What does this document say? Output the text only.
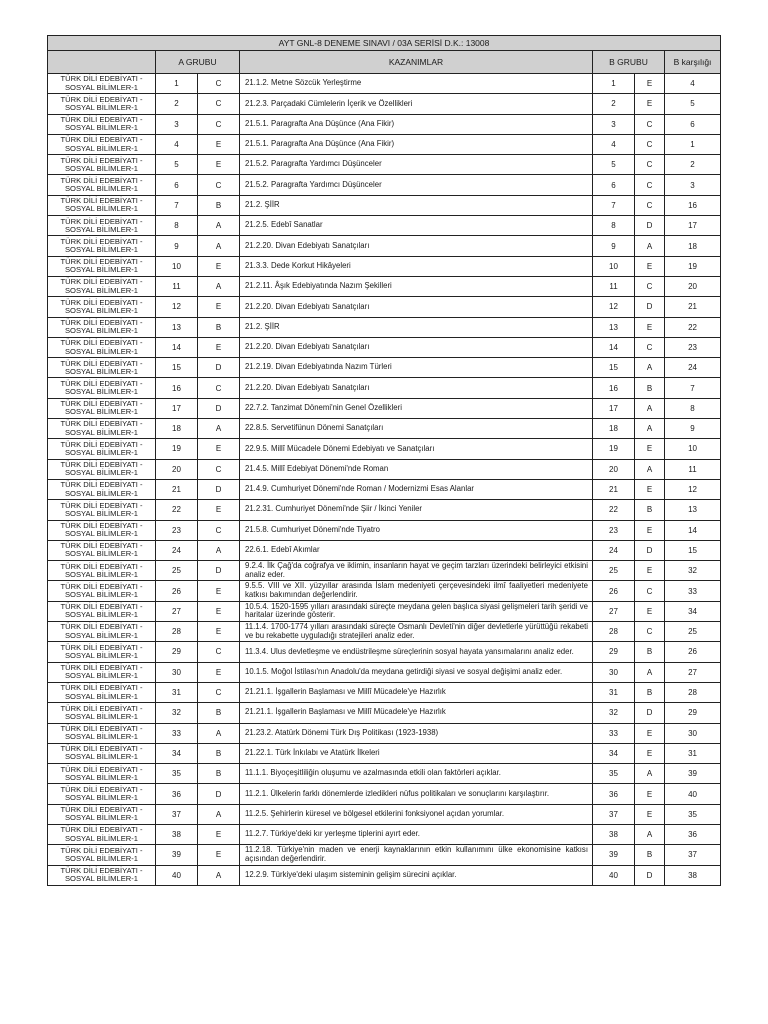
AYT GNL-8 DENEME SINAVI / 03A SERİSİ D.K.: 13008						
	A GRUBU		KAZANIMLAR	B GRUBU		B karşılığı
TÜRK DİLİ EDEBİYATI - SOSYAL BİLİMLER-1	1	C	21.1.2. Metne Sözcük Yerleştirme	1	E	4
TÜRK DİLİ EDEBİYATI - SOSYAL BİLİMLER-1	2	C	21.2.3. Parçadaki Cümlelerin İçerik ve Özellikleri	2	E	5
TÜRK DİLİ EDEBİYATI - SOSYAL BİLİMLER-1	3	C	21.5.1. Paragrafta Ana Düşünce (Ana Fikir)	3	C	6
TÜRK DİLİ EDEBİYATI - SOSYAL BİLİMLER-1	4	E	21.5.1. Paragrafta Ana Düşünce (Ana Fikir)	4	C	1
TÜRK DİLİ EDEBİYATI - SOSYAL BİLİMLER-1	5	E	21.5.2. Paragrafta Yardımcı Düşünceler	5	C	2
TÜRK DİLİ EDEBİYATI - SOSYAL BİLİMLER-1	6	C	21.5.2. Paragrafta Yardımcı Düşünceler	6	C	3
TÜRK DİLİ EDEBİYATI - SOSYAL BİLİMLER-1	7	B	21.2. ŞİİR	7	C	16
TÜRK DİLİ EDEBİYATI - SOSYAL BİLİMLER-1	8	A	21.2.5. Edebî Sanatlar	8	D	17
TÜRK DİLİ EDEBİYATI - SOSYAL BİLİMLER-1	9	A	21.2.20. Divan Edebiyatı Sanatçıları	9	A	18
TÜRK DİLİ EDEBİYATI - SOSYAL BİLİMLER-1	10	E	21.3.3. Dede Korkut Hikâyeleri	10	E	19
TÜRK DİLİ EDEBİYATI - SOSYAL BİLİMLER-1	11	A	21.2.11. Âşık Edebiyatında Nazım Şekilleri	11	C	20
TÜRK DİLİ EDEBİYATI - SOSYAL BİLİMLER-1	12	E	21.2.20. Divan Edebiyatı Sanatçıları	12	D	21
TÜRK DİLİ EDEBİYATI - SOSYAL BİLİMLER-1	13	B	21.2. ŞİİR	13	E	22
TÜRK DİLİ EDEBİYATI - SOSYAL BİLİMLER-1	14	E	21.2.20. Divan Edebiyatı Sanatçıları	14	C	23
TÜRK DİLİ EDEBİYATI - SOSYAL BİLİMLER-1	15	D	21.2.19. Divan Edebiyatında Nazım Türleri	15	A	24
TÜRK DİLİ EDEBİYATI - SOSYAL BİLİMLER-1	16	C	21.2.20. Divan Edebiyatı Sanatçıları	16	B	7
TÜRK DİLİ EDEBİYATI - SOSYAL BİLİMLER-1	17	D	22.7.2. Tanzimat Dönemi'nin Genel Özellikleri	17	A	8
TÜRK DİLİ EDEBİYATI - SOSYAL BİLİMLER-1	18	A	22.8.5. Servetifünun Dönemi Sanatçıları	18	A	9
TÜRK DİLİ EDEBİYATI - SOSYAL BİLİMLER-1	19	E	22.9.5. Millî Mücadele Dönemi Edebiyatı ve Sanatçıları	19	E	10
TÜRK DİLİ EDEBİYATI - SOSYAL BİLİMLER-1	20	C	21.4.5. Millî Edebiyat Dönemi'nde Roman	20	A	11
TÜRK DİLİ EDEBİYATI - SOSYAL BİLİMLER-1	21	D	21.4.9. Cumhuriyet Dönemi'nde Roman / Modernizmi Esas Alanlar	21	E	12
TÜRK DİLİ EDEBİYATI - SOSYAL BİLİMLER-1	22	E	21.2.31. Cumhuriyet Dönemi'nde Şiir / İkinci Yeniler	22	B	13
TÜRK DİLİ EDEBİYATI - SOSYAL BİLİMLER-1	23	C	21.5.8. Cumhuriyet Dönemi'nde Tiyatro	23	E	14
TÜRK DİLİ EDEBİYATI - SOSYAL BİLİMLER-1	24	A	22.6.1. Edebî Akımlar	24	D	15
TÜRK DİLİ EDEBİYATI - SOSYAL BİLİMLER-1	25	D	9.2.4. İlk Çağ'da coğrafya ve iklimin, insanların hayat ve geçim tarzları üzerindeki belirleyici etkisini analiz eder.	25	E	32
TÜRK DİLİ EDEBİYATI - SOSYAL BİLİMLER-1	26	E	9.5.5. VIII ve XII. yüzyıllar arasında İslam medeniyeti çerçevesindeki ilmî faaliyetleri medeniyete katkısı bakımından değerlendirir.	26	C	33
TÜRK DİLİ EDEBİYATI - SOSYAL BİLİMLER-1	27	E	10.5.4. 1520-1595 yılları arasındaki süreçte meydana gelen başlıca siyasi gelişmeleri tarih şeridi ve haritalar üzerinde gösterir.	27	E	34
TÜRK DİLİ EDEBİYATI - SOSYAL BİLİMLER-1	28	E	11.1.4. 1700-1774 yılları arasındaki süreçte Osmanlı Devleti'nin diğer devletlerle yürüttüğü rekabeti ve bu rekabette uyguladığı stratejileri analiz eder.	28	C	25
TÜRK DİLİ EDEBİYATI - SOSYAL BİLİMLER-1	29	C	11.3.4. Ulus devletleşme ve endüstrileşme süreçlerinin sosyal hayata yansımalarını analiz eder.	29	B	26
TÜRK DİLİ EDEBİYATI - SOSYAL BİLİMLER-1	30	E	10.1.5. Moğol İstilası'nın Anadolu'da meydana getirdiği siyasi ve sosyal değişimi analiz eder.	30	A	27
TÜRK DİLİ EDEBİYATI - SOSYAL BİLİMLER-1	31	C	21.21.1. İşgallerin Başlaması ve Millî Mücadele'ye Hazırlık	31	B	28
TÜRK DİLİ EDEBİYATI - SOSYAL BİLİMLER-1	32	B	21.21.1. İşgallerin Başlaması ve Millî Mücadele'ye Hazırlık	32	D	29
TÜRK DİLİ EDEBİYATI - SOSYAL BİLİMLER-1	33	A	21.23.2. Atatürk Dönemi Türk Dış Politikası (1923-1938)	33	E	30
TÜRK DİLİ EDEBİYATI - SOSYAL BİLİMLER-1	34	B	21.22.1. Türk İnkılabı ve Atatürk İlkeleri	34	E	31
TÜRK DİLİ EDEBİYATI - SOSYAL BİLİMLER-1	35	B	11.1.1. Biyoçeşitliliğin oluşumu ve azalmasında etkili olan faktörleri açıklar.	35	A	39
TÜRK DİLİ EDEBİYATI - SOSYAL BİLİMLER-1	36	D	11.2.1. Ülkelerin farklı dönemlerde izledikleri nüfus politikaları ve sonuçlarını karşılaştırır.	36	E	40
TÜRK DİLİ EDEBİYATI - SOSYAL BİLİMLER-1	37	A	11.2.5. Şehirlerin küresel ve bölgesel etkilerini fonksiyonel açıdan yorumlar.	37	E	35
TÜRK DİLİ EDEBİYATI - SOSYAL BİLİMLER-1	38	E	11.2.7. Türkiye'deki kır yerleşme tiplerini ayırt eder.	38	A	36
TÜRK DİLİ EDEBİYATI - SOSYAL BİLİMLER-1	39	E	11.2.18. Türkiye'nin maden ve enerji kaynaklarının etkin kullanımını ülke ekonomisine katkısı açısından değerlendirir.	39	B	37
TÜRK DİLİ EDEBİYATI - SOSYAL BİLİMLER-1	40	A	12.2.9. Türkiye'deki ulaşım sisteminin gelişim sürecini açıklar.	40	D	38
